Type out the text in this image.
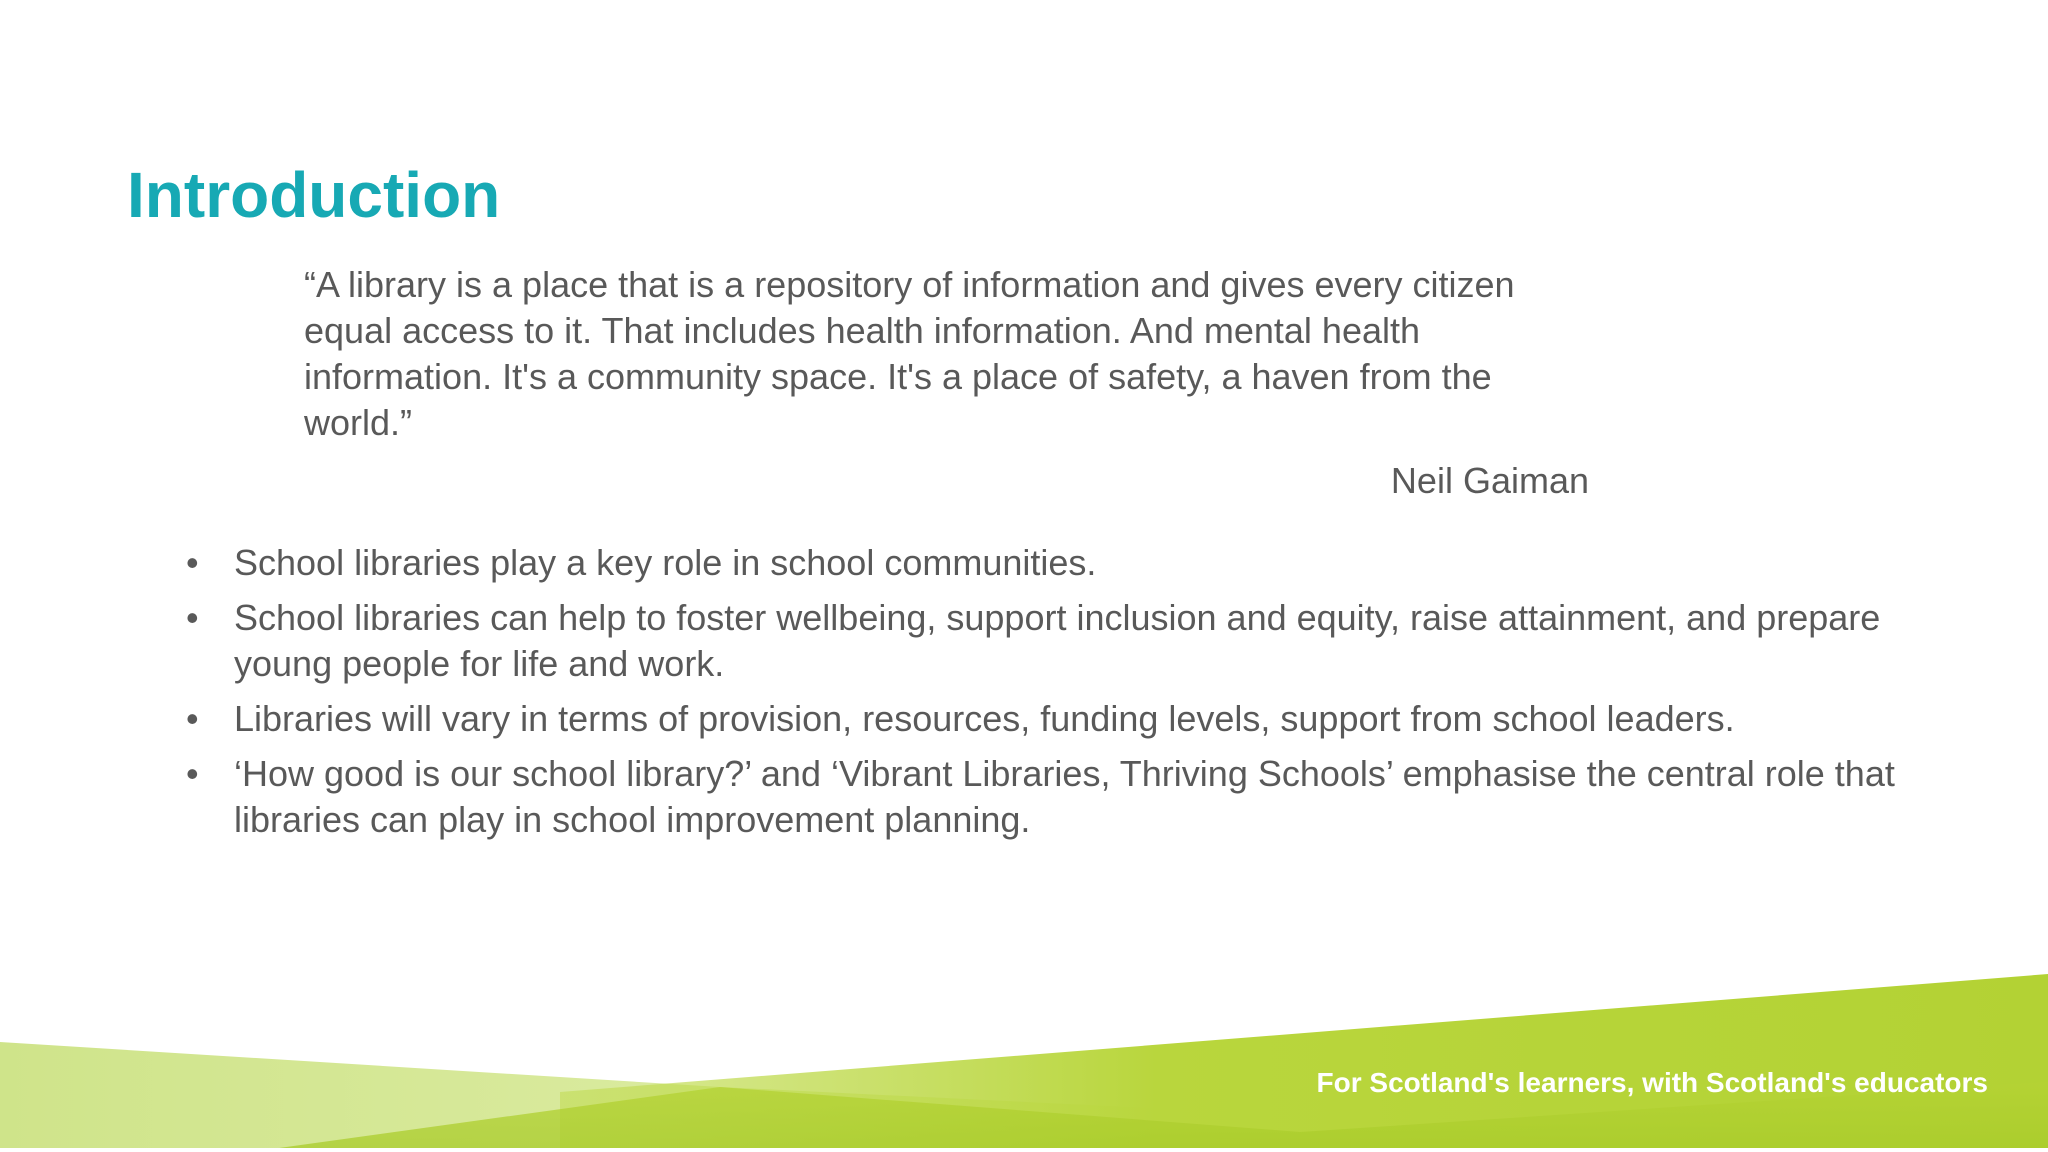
Introduction

“A library is a place that is a repository of information and gives every citizen equal access to it. That includes health information. And mental health information. It's a community space. It's a place of safety, a haven from the world.”

Neil Gaiman

• School libraries play a key role in school communities.
• School libraries can help to foster wellbeing, support inclusion and equity, raise attainment, and prepare young people for life and work.
• Libraries will vary in terms of provision, resources, funding levels, support from school leaders.
• ‘How good is our school library?’ and ‘Vibrant Libraries, Thriving Schools’ emphasise the central role that libraries can play in school improvement planning.
For Scotland's learners, with Scotland's educators
